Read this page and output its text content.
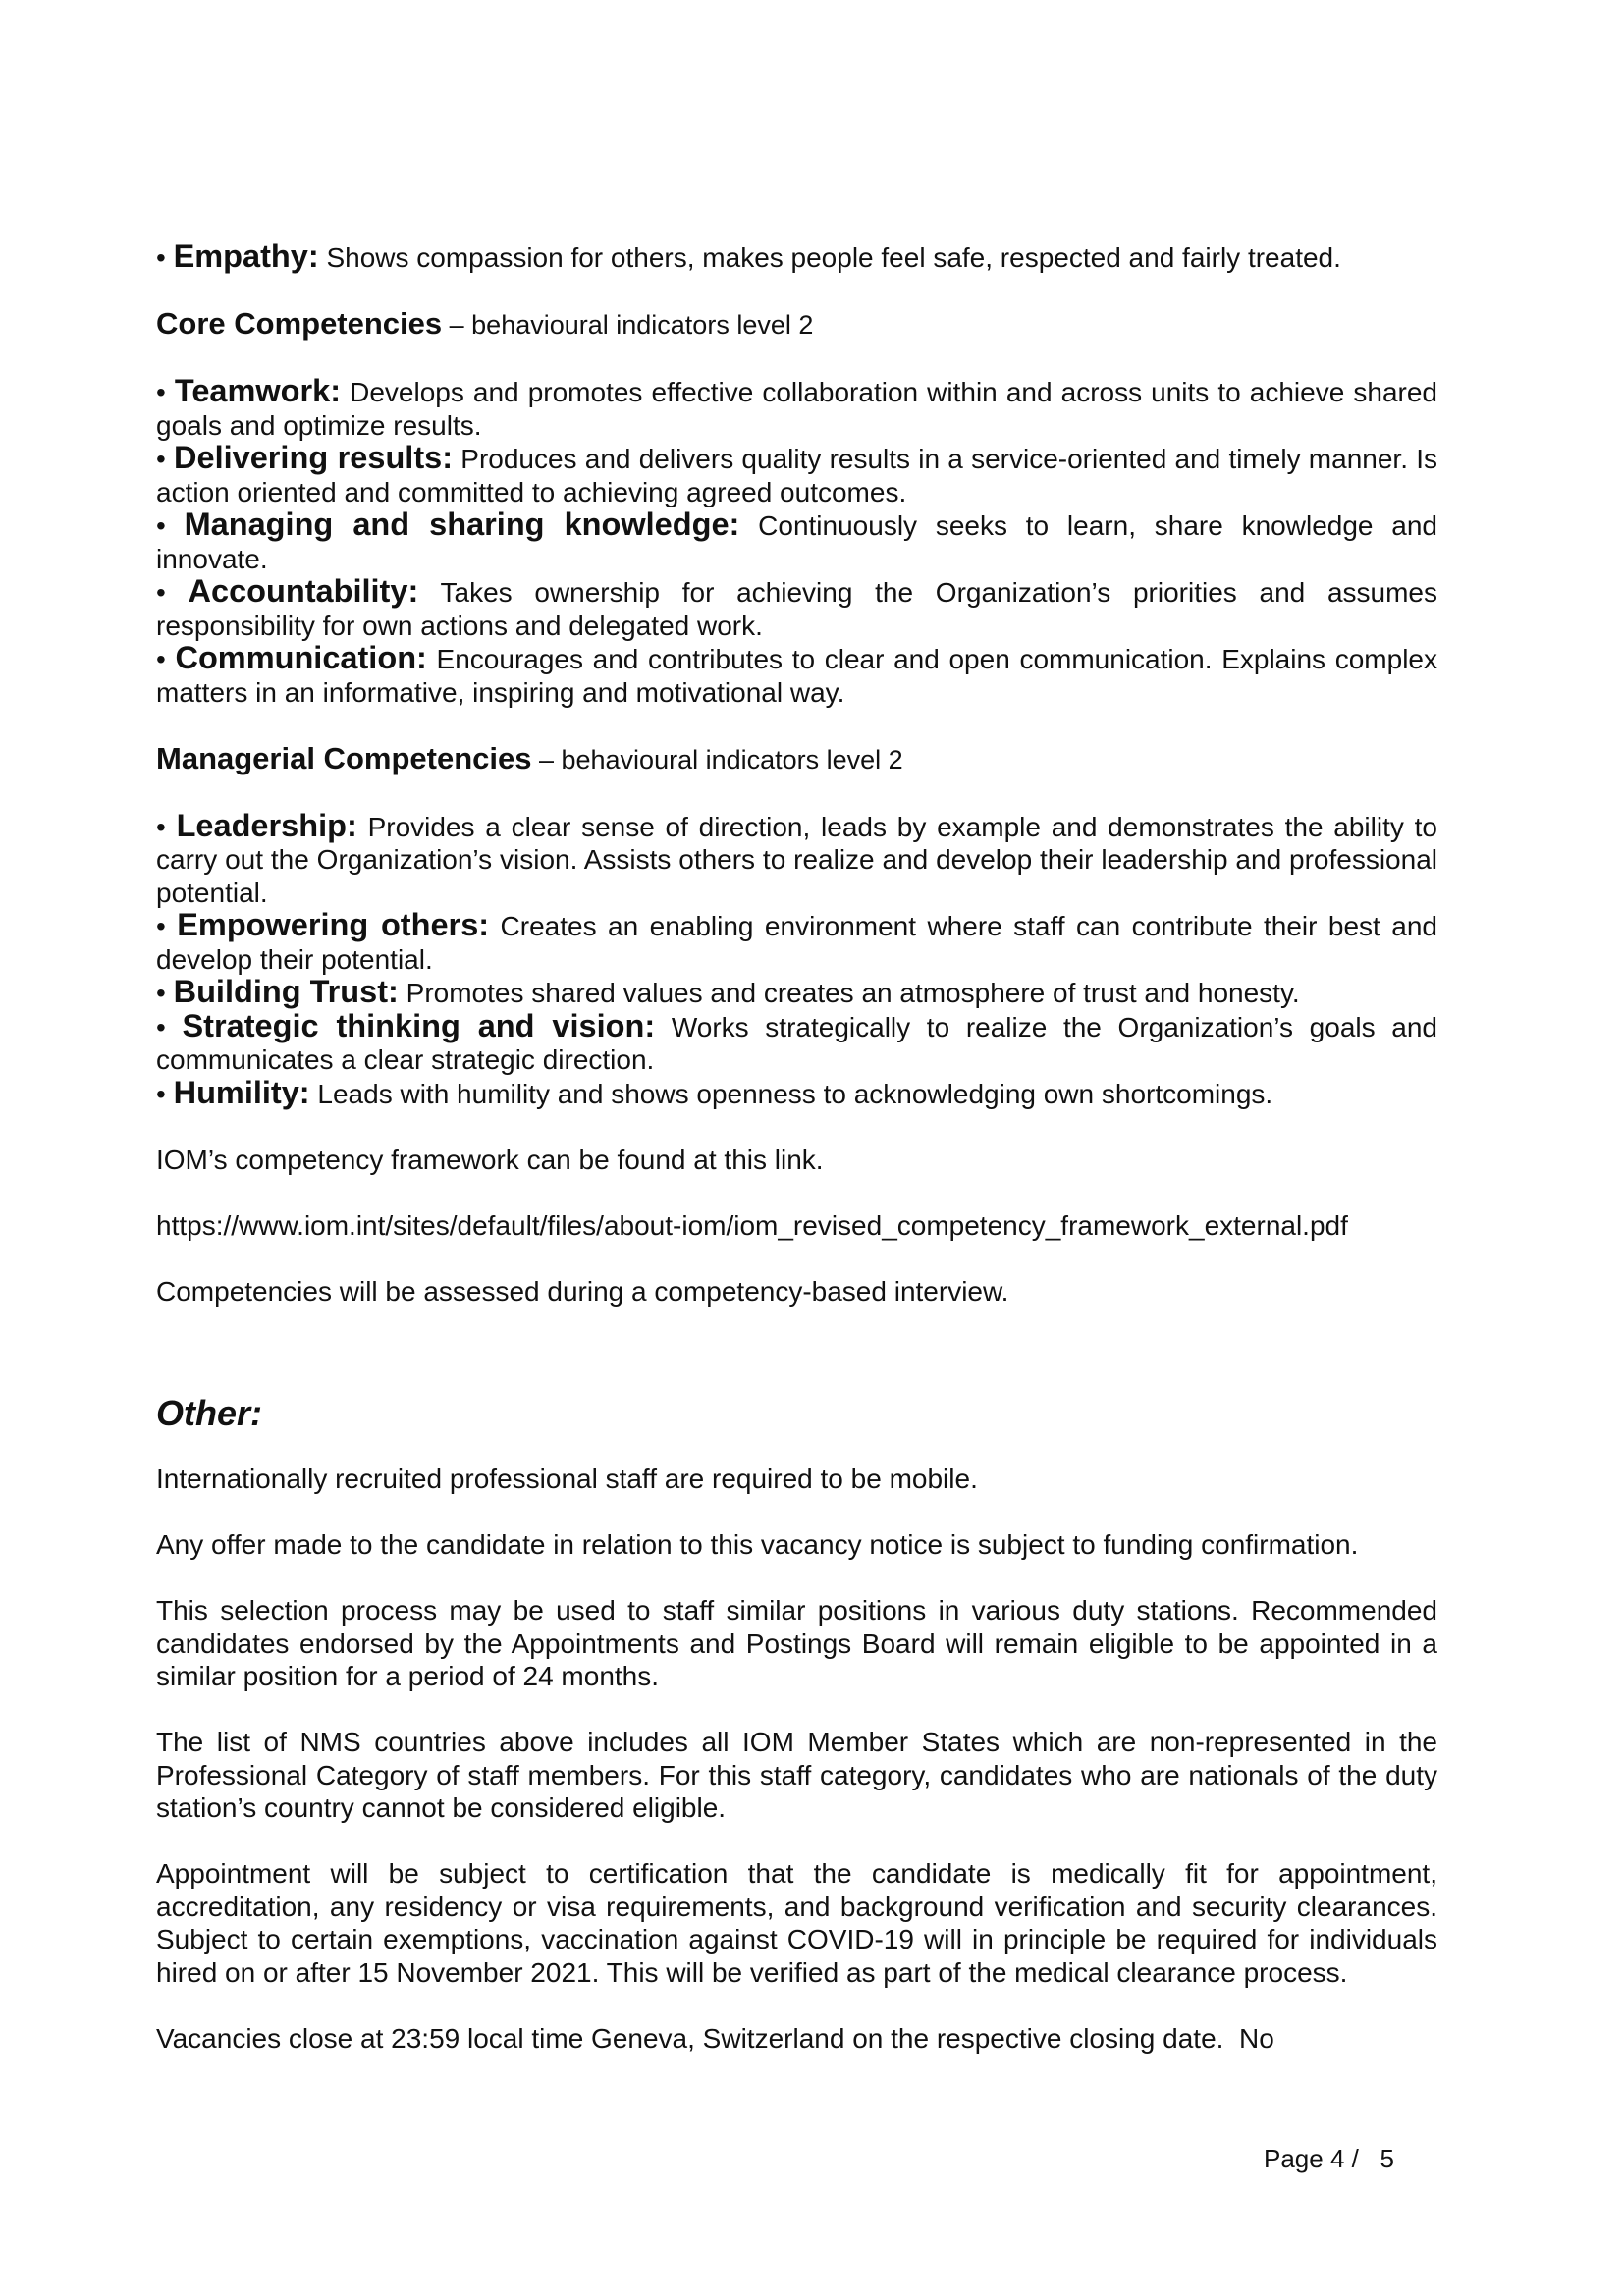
• Empathy: Shows compassion for others, makes people feel safe, respected and fairly treated.

Core Competencies – behavioural indicators level 2

• Teamwork: Develops and promotes effective collaboration within and across units to achieve shared goals and optimize results.

• Delivering results: Produces and delivers quality results in a service-oriented and timely manner. Is action oriented and committed to achieving agreed outcomes.

• Managing and sharing knowledge: Continuously seeks to learn, share knowledge and innovate.

• Accountability: Takes ownership for achieving the Organization’s priorities and assumes responsibility for own actions and delegated work.

• Communication: Encourages and contributes to clear and open communication. Explains complex matters in an informative, inspiring and motivational way.

Managerial Competencies – behavioural indicators level 2

• Leadership: Provides a clear sense of direction, leads by example and demonstrates the ability to carry out the Organization’s vision. Assists others to realize and develop their leadership and professional potential.

• Empowering others: Creates an enabling environment where staff can contribute their best and develop their potential.

• Building Trust: Promotes shared values and creates an atmosphere of trust and honesty.

• Strategic thinking and vision: Works strategically to realize the Organization’s goals and communicates a clear strategic direction.

• Humility: Leads with humility and shows openness to acknowledging own shortcomings.

IOM’s competency framework can be found at this link.

https://www.iom.int/sites/default/files/about-iom/iom_revised_competency_framework_external.pdf

Competencies will be assessed during a competency-based interview.

Other:

Internationally recruited professional staff are required to be mobile.

Any offer made to the candidate in relation to this vacancy notice is subject to funding confirmation.

This selection process may be used to staff similar positions in various duty stations. Recommended candidates endorsed by the Appointments and Postings Board will remain eligible to be appointed in a similar position for a period of 24 months.

The list of NMS countries above includes all IOM Member States which are non-represented in the Professional Category of staff members. For this staff category, candidates who are nationals of the duty station’s country cannot be considered eligible.

Appointment will be subject to certification that the candidate is medically fit for appointment, accreditation, any residency or visa requirements, and background verification and security clearances. Subject to certain exemptions, vaccination against COVID-19 will in principle be required for individuals hired on or after 15 November 2021. This will be verified as part of the medical clearance process.

Vacancies close at 23:59 local time Geneva, Switzerland on the respective closing date.  No

Page 4 /   5
